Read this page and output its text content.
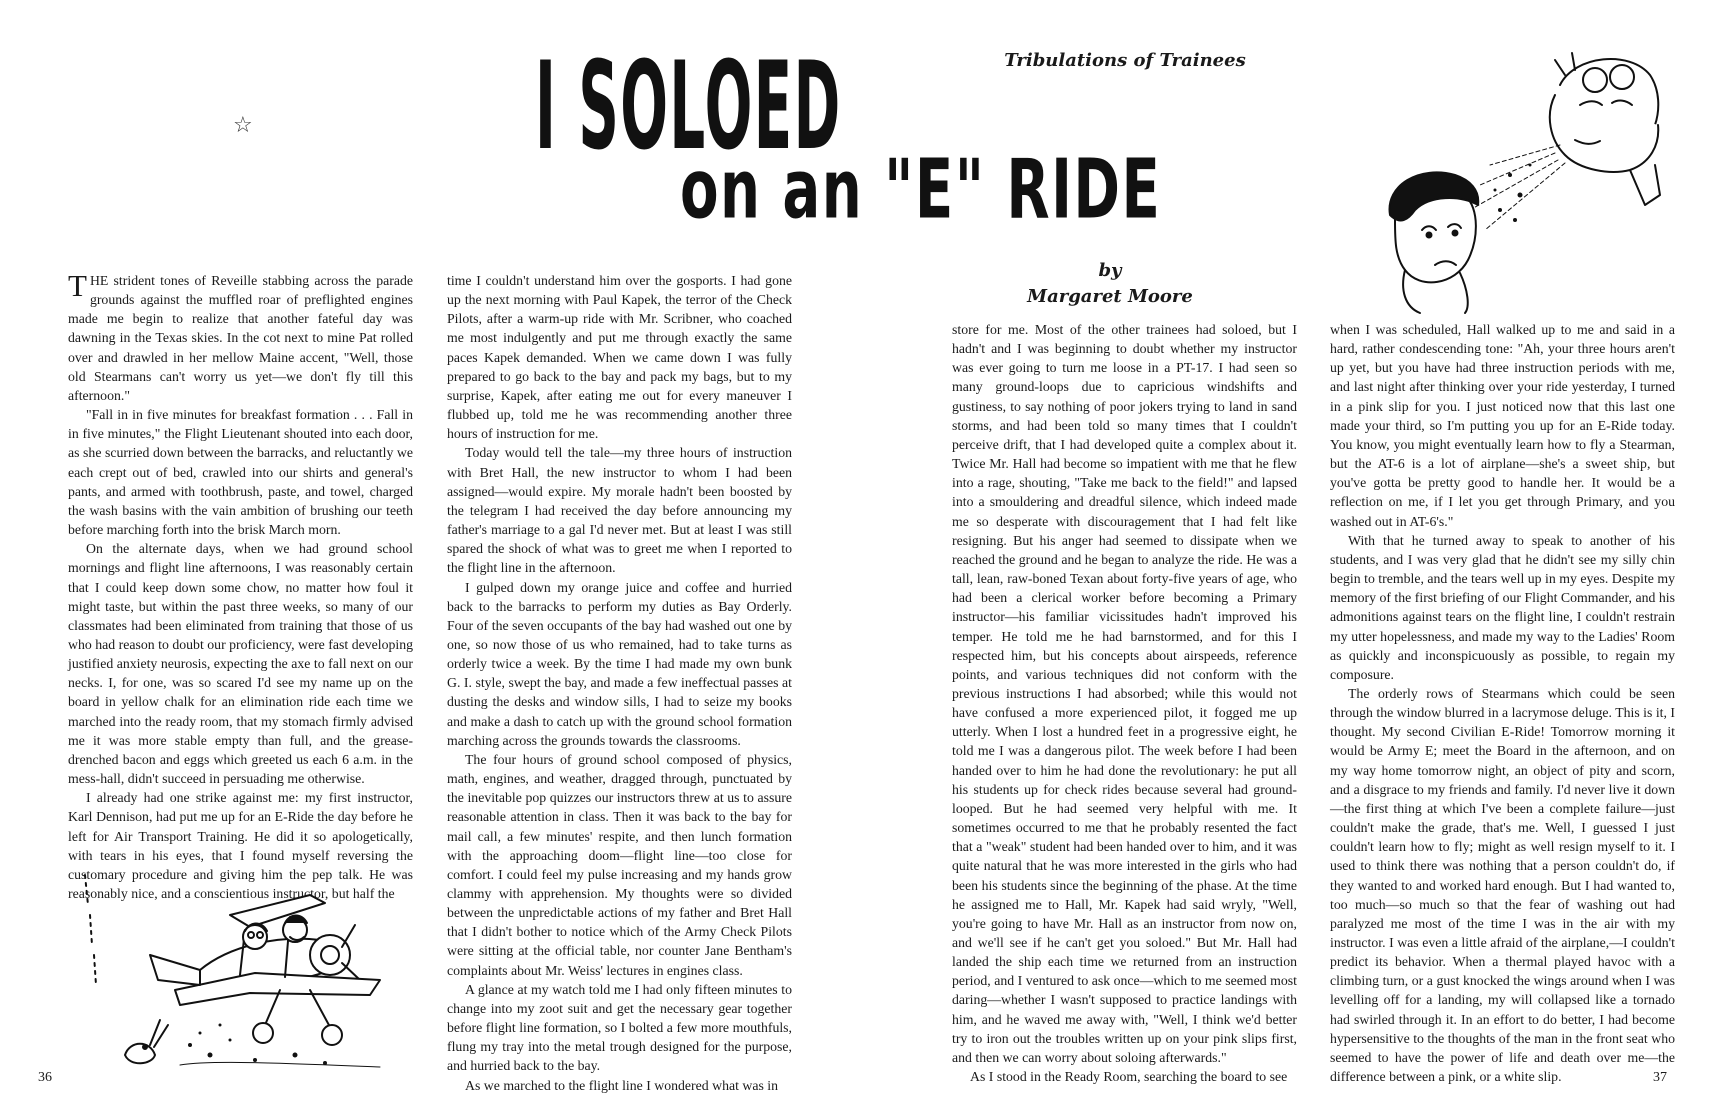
I SOLOED
on an "E" RIDE
Tribulations of Trainees
by
Margaret Moore
☆

THE strident tones of Reveille stabbing across the parade grounds against the muffled roar of preflighted engines made me begin to realize that another fateful day was dawning in the Texas skies. In the cot next to mine Pat rolled over and drawled in her mellow Maine accent, "Well, those old Stearmans can't worry us yet—we don't fly till this afternoon."

"Fall in in five minutes for breakfast formation . . . Fall in in five minutes," the Flight Lieutenant shouted into each door, as she scurried down between the barracks, and reluctantly we each crept out of bed, crawled into our shirts and general's pants, and armed with toothbrush, paste, and towel, charged the wash basins with the vain ambition of brushing our teeth before marching forth into the brisk March morn.

On the alternate days, when we had ground school mornings and flight line afternoons, I was reasonably certain that I could keep down some chow, no matter how foul it might taste, but within the past three weeks, so many of our classmates had been eliminated from training that those of us who had reason to doubt our proficiency, were fast developing justified anxiety neurosis, expecting the axe to fall next on our necks. I, for one, was so scared I'd see my name up on the board in yellow chalk for an elimination ride each time we marched into the ready room, that my stomach firmly advised me it was more stable empty than full, and the grease-drenched bacon and eggs which greeted us each 6 a.m. in the mess-hall, didn't succeed in persuading me otherwise.

I already had one strike against me: my first instructor, Karl Dennison, had put me up for an E-Ride the day before he left for Air Transport Training. He did it so apologetically, with tears in his eyes, that I found myself reversing the customary procedure and giving him the pep talk. He was reasonably nice, and a conscientious instructor, but half the

time I couldn't understand him over the gosports. I had gone up the next morning with Paul Kapek, the terror of the Check Pilots, after a warm-up ride with Mr. Scribner, who coached me most indulgently and put me through exactly the same paces Kapek demanded. When we came down I was fully prepared to go back to the bay and pack my bags, but to my surprise, Kapek, after eating me out for every maneuver I flubbed up, told me he was recommending another three hours of instruction for me.

Today would tell the tale—my three hours of instruction with Bret Hall, the new instructor to whom I had been assigned—would expire. My morale hadn't been boosted by the telegram I had received the day before announcing my father's marriage to a gal I'd never met. But at least I was still spared the shock of what was to greet me when I reported to the flight line in the afternoon.

I gulped down my orange juice and coffee and hurried back to the barracks to perform my duties as Bay Orderly. Four of the seven occupants of the bay had washed out one by one, so now those of us who remained, had to take turns as orderly twice a week. By the time I had made my own bunk G. I. style, swept the bay, and made a few ineffectual passes at dusting the desks and window sills, I had to seize my books and make a dash to catch up with the ground school formation marching across the grounds towards the classrooms.

The four hours of ground school composed of physics, math, engines, and weather, dragged through, punctuated by the inevitable pop quizzes our instructors threw at us to assure reasonable attention in class. Then it was back to the bay for mail call, a few minutes' respite, and then lunch formation with the approaching doom—flight line—too close for comfort. I could feel my pulse increasing and my hands grow clammy with apprehension. My thoughts were so divided between the unpredictable actions of my father and Bret Hall that I didn't bother to notice which of the Army Check Pilots were sitting at the official table, nor counter Jane Bentham's complaints about Mr. Weiss' lectures in engines class.

A glance at my watch told me I had only fifteen minutes to change into my zoot suit and get the necessary gear together before flight line formation, so I bolted a few more mouthfuls, flung my tray into the metal trough designed for the purpose, and hurried back to the bay.

As we marched to the flight line I wondered what was in

store for me. Most of the other trainees had soloed, but I hadn't and I was beginning to doubt whether my instructor was ever going to turn me loose in a PT-17. I had seen so many ground-loops due to capricious windshifts and gustiness, to say nothing of poor jokers trying to land in sand storms, and had been told so many times that I couldn't perceive drift, that I had developed quite a complex about it. Twice Mr. Hall had become so impatient with me that he flew into a rage, shouting, "Take me back to the field!" and lapsed into a smouldering and dreadful silence, which indeed made me so desperate with discouragement that I had felt like resigning. But his anger had seemed to dissipate when we reached the ground and he began to analyze the ride. He was a tall, lean, raw-boned Texan about forty-five years of age, who had been a clerical worker before becoming a Primary instructor—his familiar vicissitudes hadn't improved his temper. He told me he had barnstormed, and for this I respected him, but his concepts about airspeeds, reference points, and various techniques did not conform with the previous instructions I had absorbed; while this would not have confused a more experienced pilot, it fogged me up utterly. When I lost a hundred feet in a progressive eight, he told me I was a dangerous pilot. The week before I had been handed over to him he had done the revolutionary: he put all his students up for check rides because several had ground-looped. But he had seemed very helpful with me. It sometimes occurred to me that he probably resented the fact that a "weak" student had been handed over to him, and it was quite natural that he was more interested in the girls who had been his students since the beginning of the phase. At the time he assigned me to Hall, Mr. Kapek had said wryly, "Well, you're going to have Mr. Hall as an instructor from now on, and we'll see if he can't get you soloed." But Mr. Hall had landed the ship each time we returned from an instruction period, and I ventured to ask once—which to me seemed most daring—whether I wasn't supposed to practice landings with him, and he waved me away with, "Well, I think we'd better try to iron out the troubles written up on your pink slips first, and then we can worry about soloing afterwards."

As I stood in the Ready Room, searching the board to see

when I was scheduled, Hall walked up to me and said in a hard, rather condescending tone: "Ah, your three hours aren't up yet, but you have had three instruction periods with me, and last night after thinking over your ride yesterday, I turned in a pink slip for you. I just noticed now that this last one made your third, so I'm putting you up for an E-Ride today. You know, you might eventually learn how to fly a Stearman, but the AT-6 is a lot of airplane—she's a sweet ship, but you've gotta be pretty good to handle her. It would be a reflection on me, if I let you get through Primary, and you washed out in AT-6's."

With that he turned away to speak to another of his students, and I was very glad that he didn't see my silly chin begin to tremble, and the tears well up in my eyes. Despite my memory of the first briefing of our Flight Commander, and his admonitions against tears on the flight line, I couldn't restrain my utter hopelessness, and made my way to the Ladies' Room as quickly and inconspicuously as possible, to regain my composure.

The orderly rows of Stearmans which could be seen through the window blurred in a lacrymose deluge. This is it, I thought. My second Civilian E-Ride! Tomorrow morning it would be Army E; meet the Board in the afternoon, and on my way home tomorrow night, an object of pity and scorn, and a disgrace to my friends and family. I'd never live it down—the first thing at which I've been a complete failure—just couldn't make the grade, that's me. Well, I guessed I just couldn't learn how to fly; might as well resign myself to it. I used to think there was nothing that a person couldn't do, if they wanted to and worked hard enough. But I had wanted to, too much—so much so that the fear of washing out had paralyzed me most of the time I was in the air with my instructor. I was even a little afraid of the airplane,—I couldn't predict its behavior. When a thermal played havoc with a climbing turn, or a gust knocked the wings around when I was levelling off for a landing, my will collapsed like a tornado had swirled through it. In an effort to do better, I had become hypersensitive to the thoughts of the man in the front seat who seemed to have the power of life and death over me—the difference between a pink, or a white slip.

36	37
